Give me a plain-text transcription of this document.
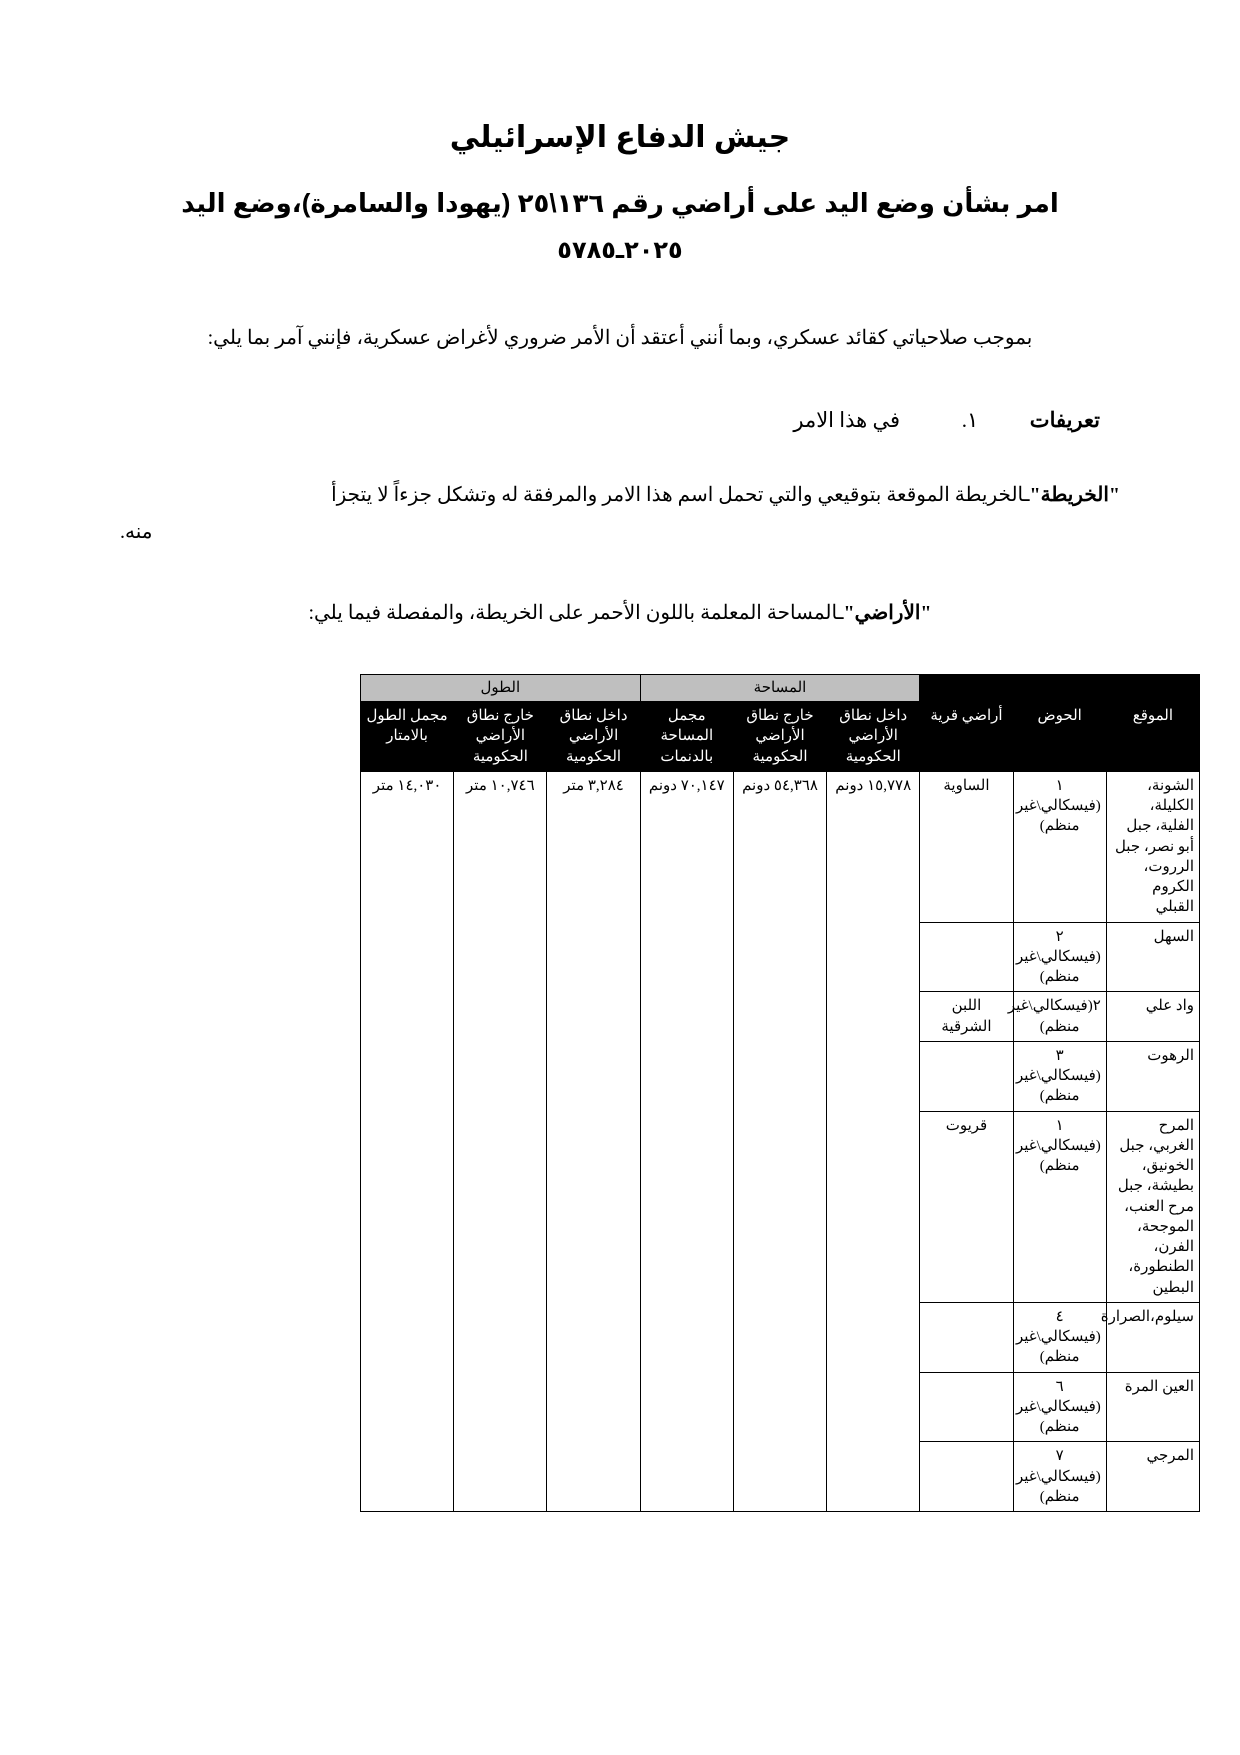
جيش الدفاع الإسرائيلي
امر بشأن وضع اليد على أراضي رقم ١٣٦\٢٥ (يهودا والسامرة)،وضع اليد
٢٠٢٥ـ٥٧٨٥

بموجب صلاحياتي كقائد عسكري، وبما أنني أعتقد أن الأمر ضروري لأغراض عسكرية، فإنني آمر بما يلي:

تعريفات
١.
في هذا الامر
"الخريطة"ـالخريطة الموقعة بتوقيعي والتي تحمل اسم هذا الامر والمرفقة له وتشكل جزءاً لا يتجزأ
منه.
"الأراضي"ـالمساحة المعلمة باللون الأحمر على الخريطة، والمفصلة فيما يلي:
			المساحة			الطول		
الموقع	الحوض	أراضي قرية	داخل نطاق الأراضي الحكومية	خارج نطاق الأراضي الحكومية	مجمل المساحة بالدنمات	داخل نطاق الأراضي الحكومية	خارج نطاق الأراضي الحكومية	مجمل الطول بالامتار
الشونة، الكليلة، الفلية، جبل أبو نصر، جبل الرروت، الكروم القبلي	١ (فيسكالي\غير منظم)	الساوية	١٥,٧٧٨ دونم	٥٤,٣٦٨ دونم	٧٠,١٤٧ دونم	٣,٢٨٤ متر	١٠,٧٤٦ متر	١٤,٠٣٠ متر
السهل	٢ (فيسكالي\غير منظم)							
واد علي	٢(فيسكالي\غير منظم)	اللبن الشرقية						
الرهوت	٣ (فيسكالي\غير منظم)							
المرح الغربي، جبل الخونيق، بطيشة، جبل مرح العنب، الموجحة، الفرن، الطنطورة، البطين	١ (فيسكالي\غير منظم)	قريوت						
سيلوم،الصرارة	٤ (فيسكالي\غير منظم)							
العين المرة	٦ (فيسكالي\غير منظم)							
المرجي	٧ (فيسكالي\غير منظم)							
